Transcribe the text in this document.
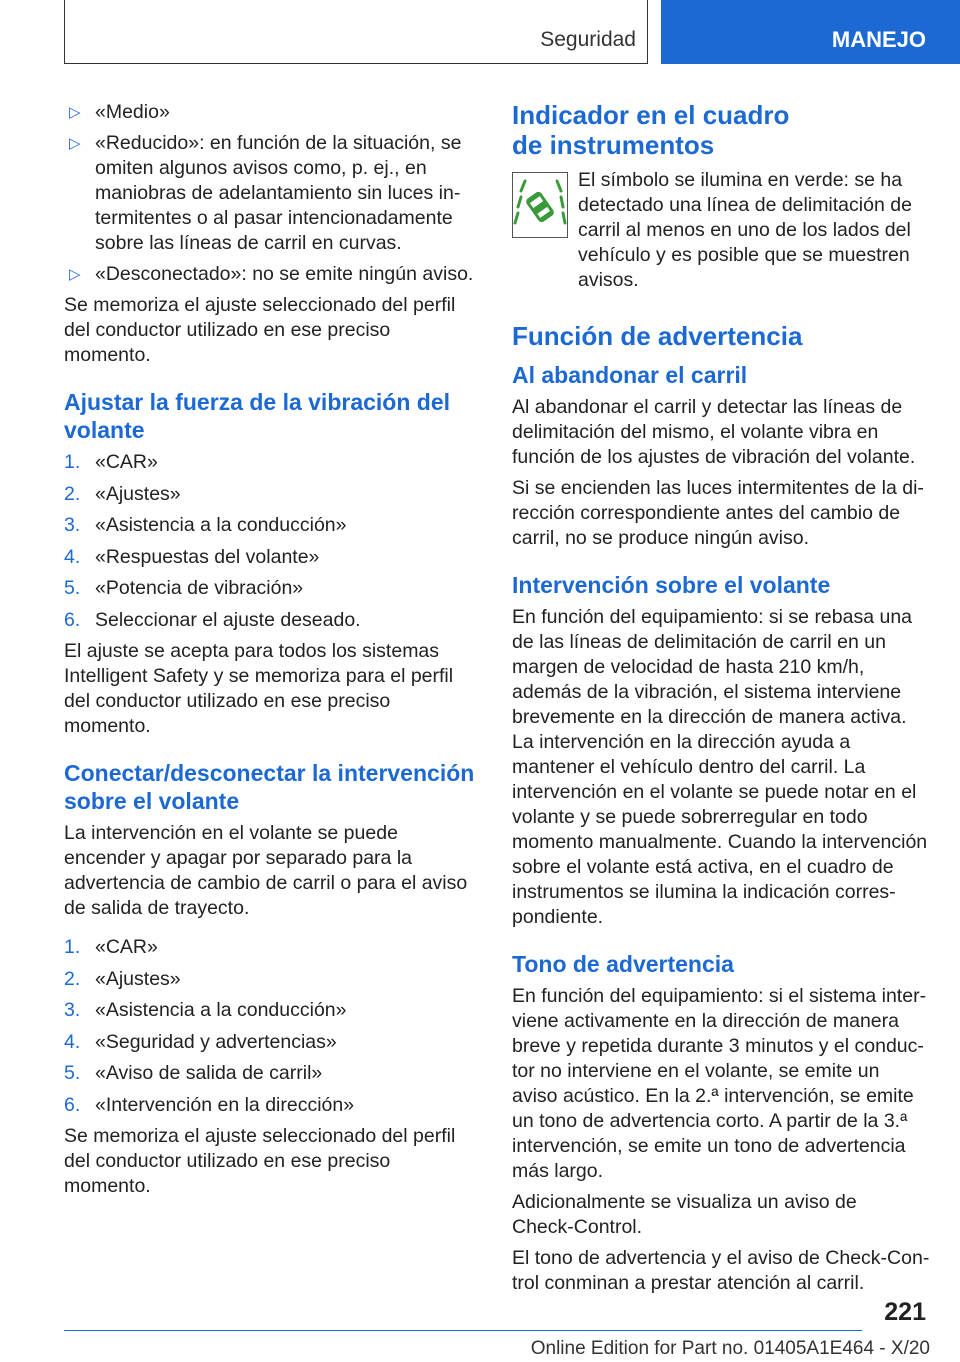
Seguridad	MANEJO
▷ «Medio»
▷ «Reducido»: en función de la situación, se omiten algunos avisos como, p. ej., en maniobras de adelantamiento sin luces intermitentes o al pasar intencionadamente sobre las líneas de carril en curvas.
▷ «Desconectado»: no se emite ningún aviso.

Se memoriza el ajuste seleccionado del perfil del conductor utilizado en ese preciso momento.

Ajustar la fuerza de la vibración del volante
1. «CAR»
2. «Ajustes»
3. «Asistencia a la conducción»
4. «Respuestas del volante»
5. «Potencia de vibración»
6. Seleccionar el ajuste deseado.

El ajuste se acepta para todos los sistemas Intelligent Safety y se memoriza para el perfil del conductor utilizado en ese preciso momento.

Conectar/desconectar la intervención sobre el volante

La intervención en el volante se puede encender y apagar por separado para la advertencia de cambio de carril o para el aviso de salida de trayecto.

1. «CAR»
2. «Ajustes»
3. «Asistencia a la conducción»
4. «Seguridad y advertencias»
5. «Aviso de salida de carril»
6. «Intervención en la dirección»

Se memoriza el ajuste seleccionado del perfil del conductor utilizado en ese preciso momento.

Indicador en el cuadro de instrumentos

El símbolo se ilumina en verde: se ha detectado una línea de delimitación de carril al menos en uno de los lados del vehículo y es posible que se muestren avisos.

Función de advertencia
Al abandonar el carril

Al abandonar el carril y detectar las líneas de delimitación del mismo, el volante vibra en función de los ajustes de vibración del volante.

Si se encienden las luces intermitentes de la dirección correspondiente antes del cambio de carril, no se produce ningún aviso.

Intervención sobre el volante

En función del equipamiento: si se rebasa una de las líneas de delimitación de carril en un margen de velocidad de hasta 210 km/h, además de la vibración, el sistema interviene brevemente en la dirección de manera activa. La intervención en la dirección ayuda a mantener el vehículo dentro del carril. La intervención en el volante se puede notar en el volante y se puede sobrerregular en todo momento manualmente. Cuando la intervención sobre el volante está activa, en el cuadro de instrumentos se ilumina la indicación correspondiente.

Tono de advertencia

En función del equipamiento: si el sistema interviene activamente en la dirección de manera breve y repetida durante 3 minutos y el conductor no interviene en el volante, se emite un aviso acústico. En la 2.ª intervención, se emite un tono de advertencia corto. A partir de la 3.ª intervención, se emite un tono de advertencia más largo.

Adicionalmente se visualiza un aviso de Check-Control.

El tono de advertencia y el aviso de Check-Control conminan a prestar atención al carril.

221
Online Edition for Part no. 01405A1E464 - X/20
